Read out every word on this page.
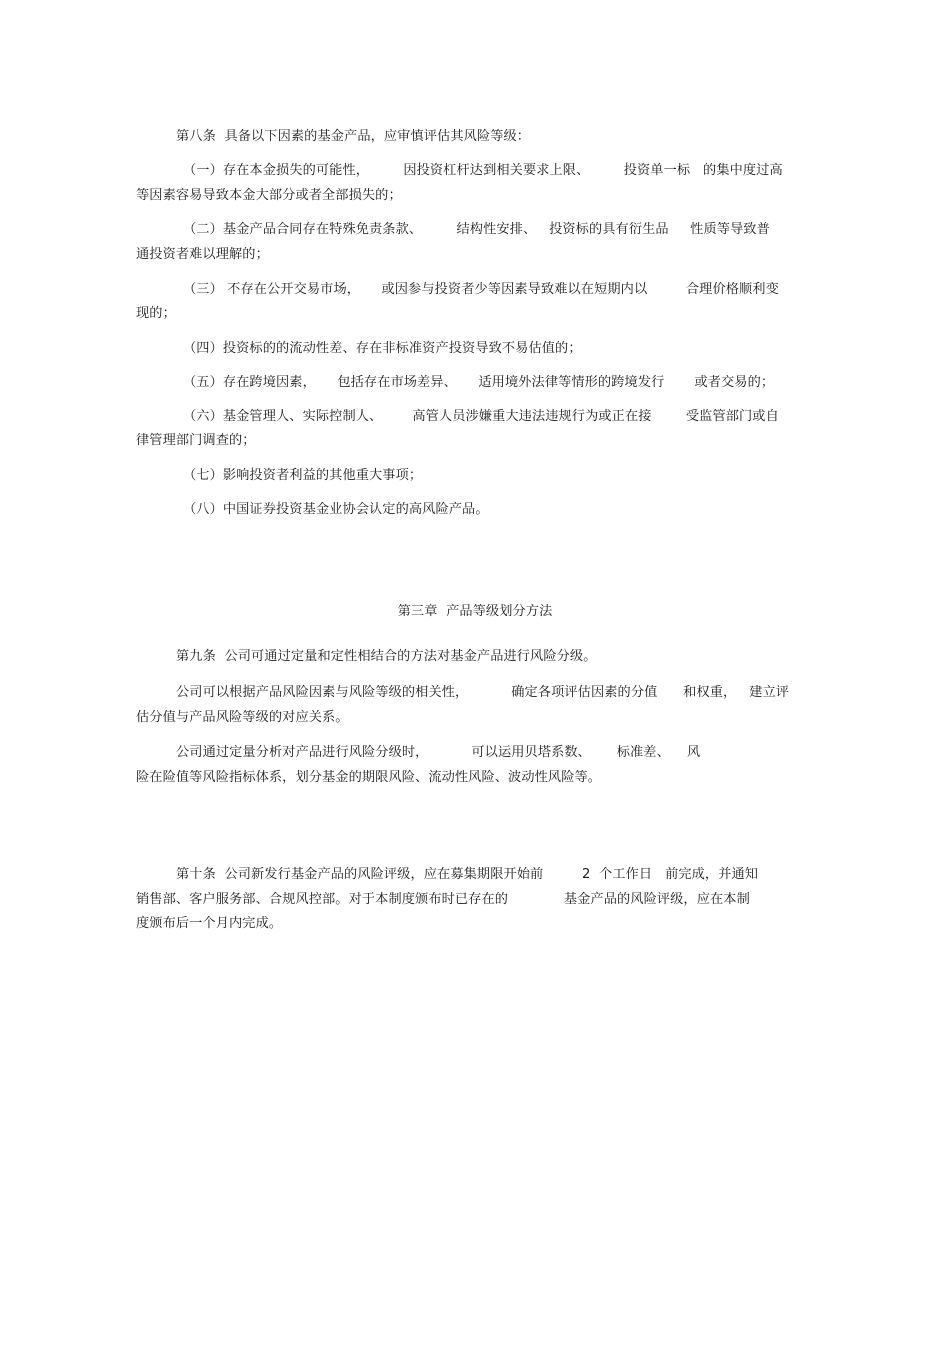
第八条  具备以下因素的基金产品，应审慎评估其风险等级：
（一）存在本金损失的可能性，        因投资杠杆达到相关要求上限、        投资单一标   的集中度过高
等因素容易导致本金大部分或者全部损失的；
（二）基金产品合同存在特殊免责条款、        结构性安排、   投资标的具有衍生品     性质等导致普
通投资者难以理解的；
（三） 不存在公开交易市场，     或因参与投资者少等因素导致难以在短期内以         合理价格顺利变
现的；
（四）投资标的的流动性差、存在非标准资产投资导致不易估值的；
（五）存在跨境因素，     包括存在市场差异、     适用境外法律等情形的跨境发行       或者交易的；
（六）基金管理人、实际控制人、       高管人员涉嫌重大违法违规行为或正在接        受监管部门或自
律管理部门调查的；
（七）影响投资者利益的其他重大事项；
（八）中国证券投资基金业协会认定的高风险产品。
第三章  产品等级划分方法
第九条  公司可通过定量和定性相结合的方法对基金产品进行风险分级。
公司可以根据产品风险因素与风险等级的相关性，          确定各项评估因素的分值      和权重，   建立评
估分值与产品风险等级的对应关系。
公司通过定量分析对产品进行风险分级时，          可以运用贝塔系数、      标准差、    风
险在险值等风险指标体系，划分基金的期限风险、流动性风险、波动性风险等。
第十条  公司新发行基金产品的风险评级，应在募集期限开始前         2  个工作日   前完成，并通知
销售部、客户服务部、合规风控部。对于本制度颁布时已存在的             基金产品的风险评级，应在本制
度颁布后一个月内完成。
